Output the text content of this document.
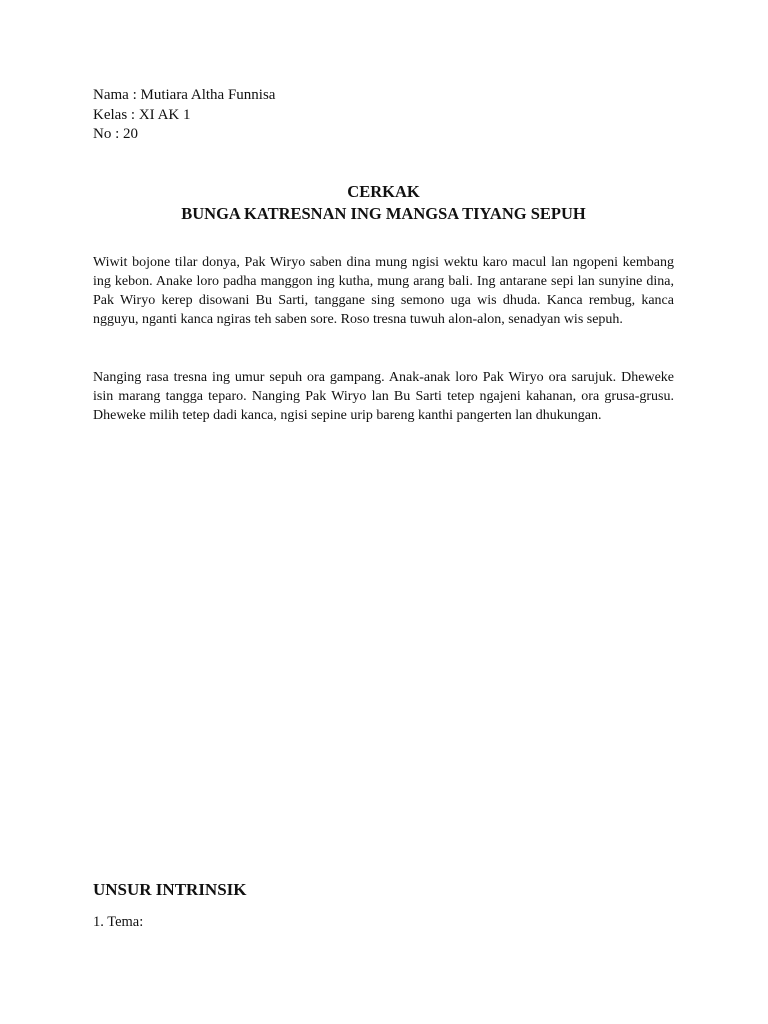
Nama : Mutiara Altha Funnisa
Kelas : XI AK 1
No : 20
CERKAK
BUNGA KATRESNAN ING MANGSA TIYANG SEPUH

Wiwit bojone tilar donya, Pak Wiryo saben dina mung ngisi wektu karo macul lan ngopeni kembang ing kebon. Anake loro padha manggon ing kutha, mung arang bali. Ing antarane sepi lan sunyine dina, Pak Wiryo kerep disowani Bu Sarti, tanggane sing semono uga wis dhuda. Kanca rembug, kanca ngguyu, nganti kanca ngiras teh saben sore. Roso tresna tuwuh alon-alon, senadyan wis sepuh.

Nanging rasa tresna ing umur sepuh ora gampang. Anak-anak loro Pak Wiryo ora sarujuk. Dheweke isin marang tangga teparo. Nanging Pak Wiryo lan Bu Sarti tetep ngajeni kahanan, ora grusa-grusu. Dheweke milih tetep dadi kanca, ngisi sepine urip bareng kanthi pangerten lan dhukungan.

UNSUR INTRINSIK
1. Tema:
